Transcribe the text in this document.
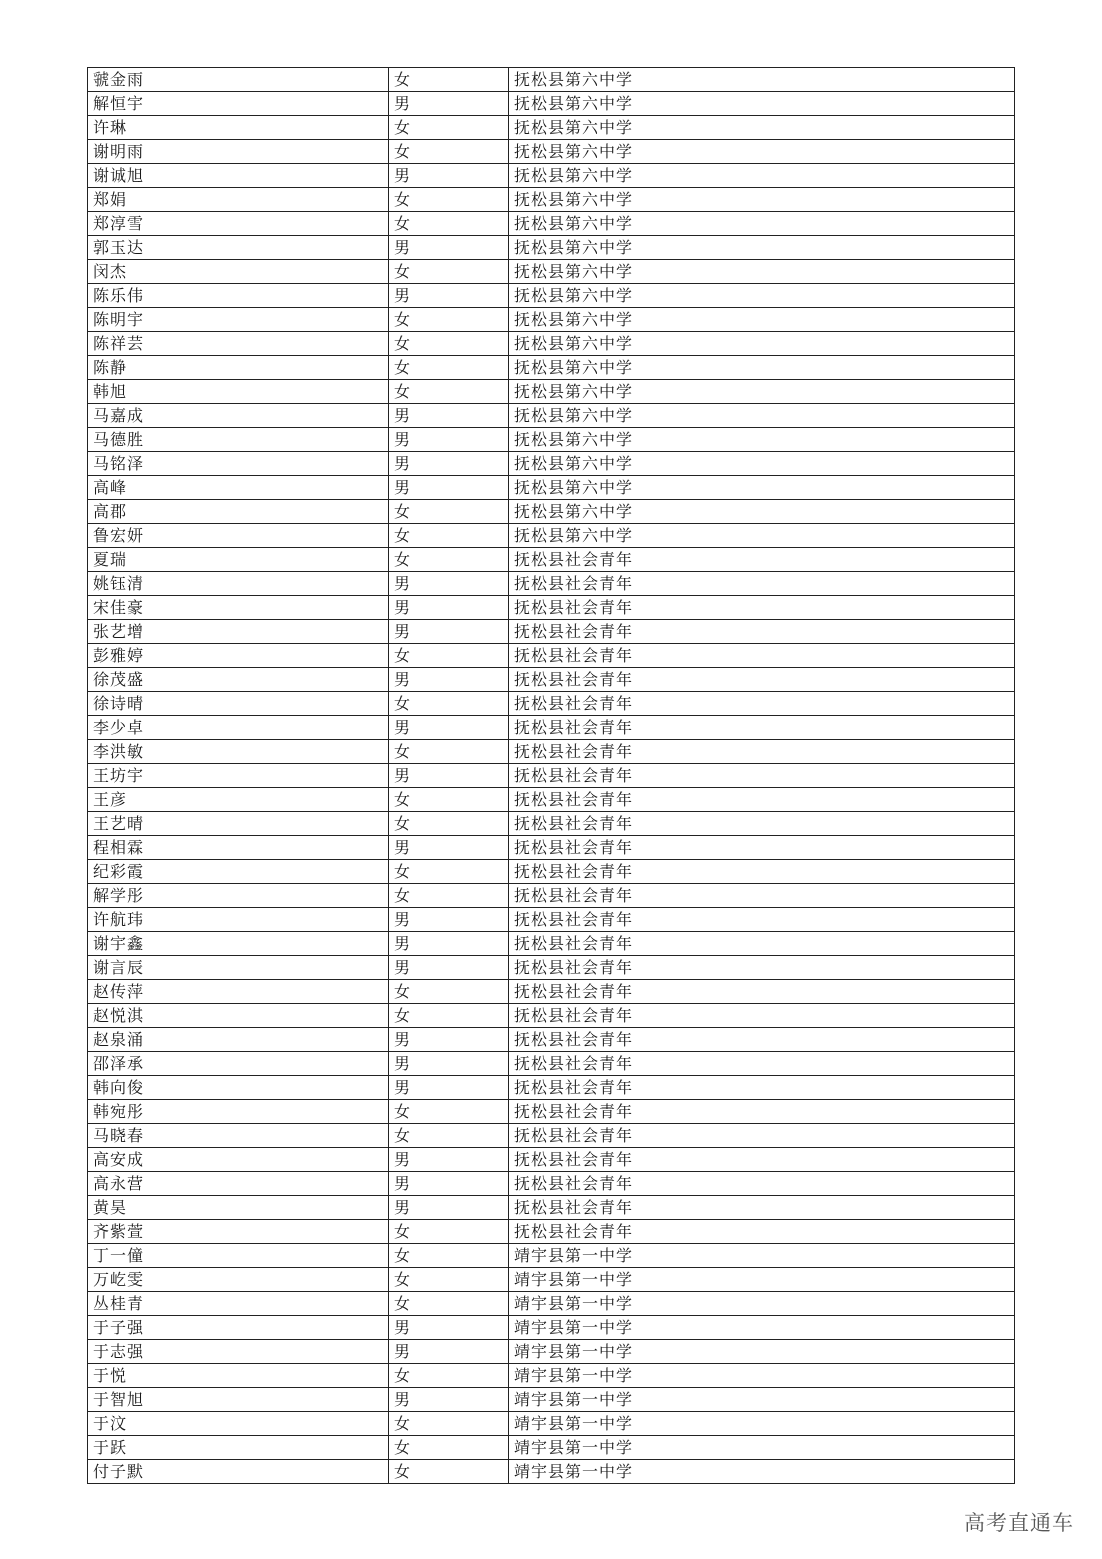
虢金雨	女	抚松县第六中学
解恒宇	男	抚松县第六中学
许琳	女	抚松县第六中学
谢明雨	女	抚松县第六中学
谢诚旭	男	抚松县第六中学
郑娟	女	抚松县第六中学
郑淳雪	女	抚松县第六中学
郭玉达	男	抚松县第六中学
闵杰	女	抚松县第六中学
陈乐伟	男	抚松县第六中学
陈明宇	女	抚松县第六中学
陈祥芸	女	抚松县第六中学
陈静	女	抚松县第六中学
韩旭	女	抚松县第六中学
马嘉成	男	抚松县第六中学
马德胜	男	抚松县第六中学
马铭泽	男	抚松县第六中学
高峰	男	抚松县第六中学
高郡	女	抚松县第六中学
鲁宏妍	女	抚松县第六中学
夏瑞	女	抚松县社会青年
姚钰清	男	抚松县社会青年
宋佳豪	男	抚松县社会青年
张艺增	男	抚松县社会青年
彭雅婷	女	抚松县社会青年
徐茂盛	男	抚松县社会青年
徐诗晴	女	抚松县社会青年
李少卓	男	抚松县社会青年
李洪敏	女	抚松县社会青年
王坊宇	男	抚松县社会青年
王彦	女	抚松县社会青年
王艺晴	女	抚松县社会青年
程相霖	男	抚松县社会青年
纪彩霞	女	抚松县社会青年
解学彤	女	抚松县社会青年
许航玮	男	抚松县社会青年
谢宇鑫	男	抚松县社会青年
谢言辰	男	抚松县社会青年
赵传萍	女	抚松县社会青年
赵悦淇	女	抚松县社会青年
赵泉涌	男	抚松县社会青年
邵泽承	男	抚松县社会青年
韩向俊	男	抚松县社会青年
韩宛彤	女	抚松县社会青年
马晓春	女	抚松县社会青年
高安成	男	抚松县社会青年
高永营	男	抚松县社会青年
黄昊	男	抚松县社会青年
齐紫萱	女	抚松县社会青年
丁一僮	女	靖宇县第一中学
万屹雯	女	靖宇县第一中学
丛桂青	女	靖宇县第一中学
于子强	男	靖宇县第一中学
于志强	男	靖宇县第一中学
于悦	女	靖宇县第一中学
于智旭	男	靖宇县第一中学
于汶	女	靖宇县第一中学
于跃	女	靖宇县第一中学
付子默	女	靖宇县第一中学
高考直通车
